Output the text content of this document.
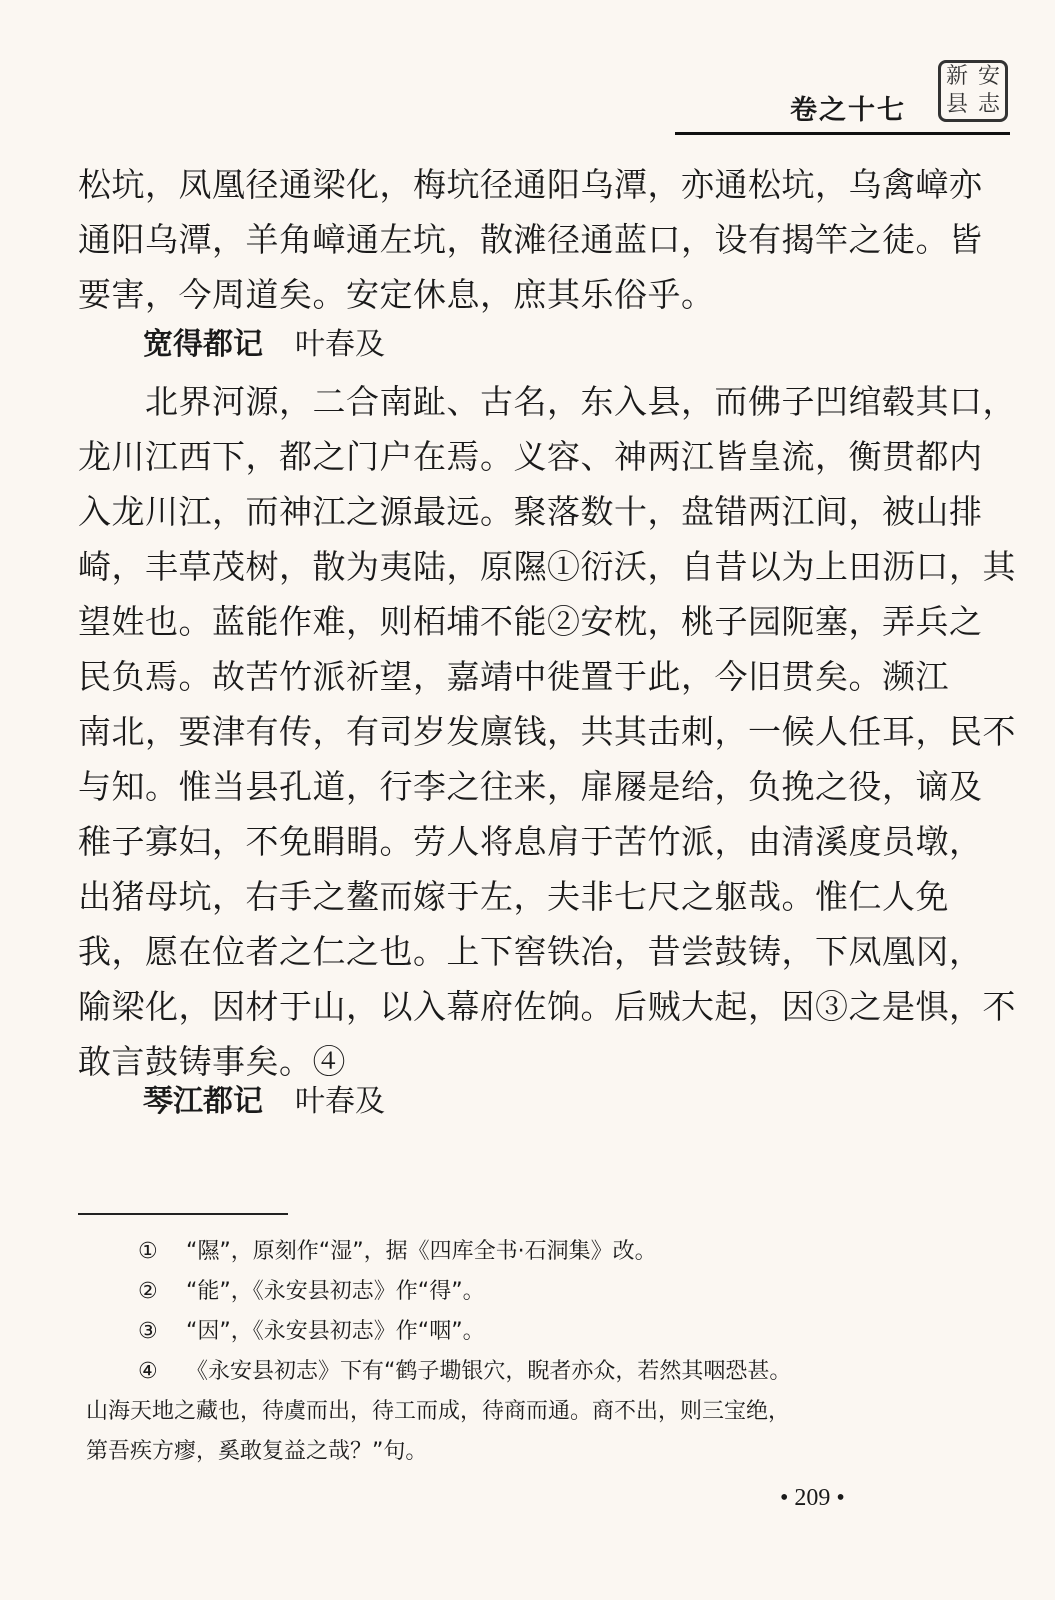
卷之十七
新 安
县 志
松坑，凤凰径通梁化，梅坑径通阳乌潭，亦通松坑，乌禽嶂亦
通阳乌潭，羊角嶂通左坑，散滩径通蓝口，设有揭竿之徒。皆
要害，今周道矣。安定休息，庶其乐俗乎。
宽得都记 叶春及
　　北界河源，二合南趾、古名，东入县，而佛子凹绾毂其口，
龙川江西下，都之门户在焉。义容、神两江皆皇流，衡贯都内
入龙川江，而神江之源最远。聚落数十，盘错两江间，被山排
崎，丰草茂树，散为夷陆，原隰①衍沃，自昔以为上田沥口，其
望姓也。蓝能作难，则栢埔不能②安枕，桃子园阨塞，弄兵之
民负焉。故苦竹派祈望，嘉靖中徙置于此，今旧贯矣。濒江
南北，要津有传，有司岁发廪钱，共其击刺，一候人任耳，民不
与知。惟当县孔道，行李之往来，扉屦是给，负挽之役，谪及
稚子寡妇，不免睊睊。劳人将息肩于苦竹派，由清溪度员墩，
出猪母坑，右手之鳌而嫁于左，夫非七尺之躯哉。惟仁人免
我，愿在位者之仁之也。上下窖铁冶，昔尝鼓铸，下凤凰冈，
隃梁化，因材于山，以入幕府佐饷。后贼大起，因③之是惧，不
敢言鼓铸事矣。④
琴江都记 叶春及
① “隰”，原刻作“湿”，据《四库全书·石洞集》改。
② “能”，《永安县初志》作“得”。
③ “因”，《永安县初志》作“咽”。
④ 《永安县初志》下有“鹤子墈银穴，睨者亦众，若然其咽恐甚。
山海天地之藏也，待虞而出，待工而成，待商而通。商不出，则三宝绝，
第吾疾方瘳，奚敢复益之哉？”句。
• 209 •
